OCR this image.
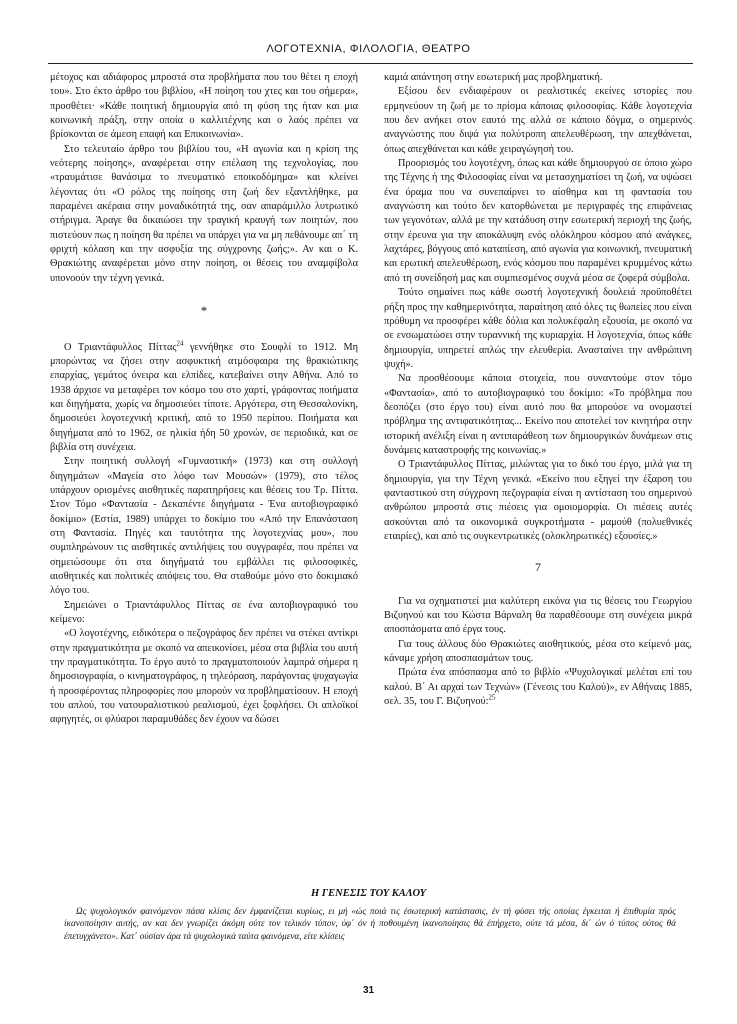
ΛΟΓΟΤΕΧΝΙΑ, ΦΙΛΟΛΟΓΙΑ, ΘΕΑΤΡΟ

μέτοχος και αδιάφορος μπροστά στα προβλήματα που του θέτει η εποχή του». Στο έκτο άρθρο του βιβλίου, «Η ποίηση του χτες και του σήμερα», προσθέτει· «Κάθε ποιητική δημιουργία από τη φύση της ήταν και μια κοινωνική πράξη, στην οποία ο καλλιτέχνης και ο λαός πρέπει να βρίσκονται σε άμεση επαφή και Επικοινωνία».

Στο τελευταίο άρθρο του βιβλίου του, «Η αγωνία και η κρίση της νεότερης ποίησης», αναφέρεται στην επέλαση της τεχνολογίας, που «τραυμάτισε θανάσιμα το πνευματικό εποικοδόμημα» και κλείνει λέγοντας ότι «Ο ρόλος της ποίησης στη ζωή δεν εξαντλήθηκε, μα παραμένει ακέραια στην μοναδικότητά της, σαν απαράμιλλο λυτρωτικό στήριγμα. Άραγε θα δικαιώσει την τραγική κραυγή των ποιητών, που πιστεύουν πως η ποίηση θα πρέπει να υπάρχει για να μη πεθάνουμε απ΄ τη φριχτή κόλαση και την ασφυξία της σύγχρονης ζωής;». Αν και ο Κ. Θρακιώτης αναφέρεται μόνο στην ποίηση, οι θέσεις του αναμφίβολα υπονοούν την τέχνη γενικά.

*

Ο Τριαντάφυλλος Πίττας$^{24}$ γεννήθηκε στο Σουφλί το 1912. Μη μπορώντας να ζήσει στην ασφυκτική ατμόσφαιρα της θρακιώτικης επαρχίας, γεμάτος όνειρα και ελπίδες, κατεβαίνει στην Αθήνα. Από το 1938 άρχισε να μεταφέρει τον κόσμο του στο χαρτί, γράφοντας ποιήματα και διηγήματα, χωρίς να δημοσιεύει τίποτε. Αργότερα, στη Θεσσαλονίκη, δημοσιεύει λογοτεχνική κριτική, από το 1950 περίπου. Ποιήματα και διηγήματα από το 1962, σε ηλικία ήδη 50 χρονών, σε περιοδικά, και σε βιβλία στη συνέχεια.

Στην ποιητική συλλογή «Γυμναστική» (1973) και στη συλλογή διηγημάτων «Μαγεία στο λόφο των Μουσών» (1979), στο τέλος υπάρχουν ορισμένες αισθητικές παρατηρήσεις και θέσεις του Τρ. Πίττα. Στον Τόμο «Φαντασία - Δεκαπέντε διηγήματα - Ένα αυτοβιογραφικό δοκίμιο» (Εστία, 1989) υπάρχει το δοκίμιο του «Από την Επανάσταση στη Φαντασία. Πηγές και ταυτότητα της λογοτεχνίας μου», που συμπληρώνουν τις αισθητικές αντιλήψεις του συγγραφέα, που πρέπει να σημειώσουμε ότι στα διηγήματά του εμβάλλει τις φιλοσοφικές, αισθητικές και πολιτικές απόψεις του. Θα σταθούμε μόνο στο δοκιμιακό λόγο του.

Σημειώνει ο Τριαντάφυλλος Πίττας σε ένα αυτοβιογραφικό του κείμενο:

«Ο λογοτέχνης, ειδικότερα ο πεζογράφος δεν πρέπει να στέκει αντίκρι στην πραγματικότητα με σκοπό να απεικονίσει, μέσα στα βιβλία του αυτή την πραγματικότητα. Το έργο αυτό το πραγματοποιούν λαμπρά σήμερα η δημοσιογραφία, ο κινηματογράφος, η τηλεόραση, παράγοντας ψυχαγωγία ή προσφέροντας πληροφορίες που μπορούν να προβληματίσουν. Η εποχή του απλού, του νατουραλιστικού ρεαλισμού, έχει ξοφλήσει. Οι απλοϊκοί αφηγητές, οι φλύαροι παραμυθάδες δεν έχουν να δώσει

καμιά απάντηση στην εσωτερική μας προβληματική.

Εξίσου δεν ενδιαφέρουν οι ρεαλιστικές εκείνες ιστορίες που ερμηνεύουν τη ζωή με το πρίσμα κάποιας φιλοσοφίας. Κάθε λογοτεχνία που δεν ανήκει στον εαυτό της αλλά σε κάποιο δόγμα, ο σημερινός αναγνώστης που διψά για πολύτροπη απελευθέρωση, την απεχθάνεται, όπως απεχθάνεται και κάθε χειραγώγησή του.

Προορισμός του λογοτέχνη, όπως και κάθε δημιουργού σε όποιο χώρο της Τέχνης ή της Φιλοσοφίας είναι να μετασχηματίσει τη ζωή, να υψώσει ένα όραμα που να συνεπαίρνει το αίσθημα και τη φαντασία του αναγνώστη και τούτο δεν κατορθώνεται με περιγραφές της επιφάνειας των γεγονότων, αλλά με την κατάδυση στην εσωτερική περιοχή της ζωής, στην έρευνα για την αποκάλυψη ενός ολόκληρου κόσμου από ανάγκες, λαχτάρες, βόγγους από καταπίεση, από αγωνία για κοινωνική, πνευματική και ερωτική απελευθέρωση, ενός κόσμου που παραμένει κρυμμένος κάτω από τη συνείδησή μας και συμπιεσμένος συχνά μέσα σε ζοφερά σύμβολα.

Τούτο σημαίνει πως κάθε σωστή λογοτεχνική δουλειά προϋποθέτει ρήξη προς την καθημερινότητα, παραίτηση από όλες τις θωπείες που είναι πρόθυμη να προσφέρει κάθε δόλια και πολυκέφαλη εξουσία, με σκοπό να σε ενσωματώσει στην τυραννική της κυριαρχία. Η λογοτεχνία, όπως κάθε δημιουργία, υπηρετεί απλώς την ελευθερία. Ανασταίνει την ανθρώπινη ψυχή».

Να προσθέσουμε κάποια στοιχεία, που συναντούμε στον τόμο «Φαντασία», από το αυτοβιογραφικό του δοκίμιο: «Το πρόβλημα που δεσπόζει (στο έργο του) είναι αυτό που θα μπορούσε να ονομαστεί πρόβλημα της αντιφατικότητας... Εκείνο που αποτελεί τον κινητήρα στην ιστορική ανέλιξη είναι η αντιπαράθεση των δημιουργικών δυνάμεων στις δυνάμεις καταστροφής της κοινωνίας.»

Ο Τριαντάφυλλος Πίττας, μιλώντας για το δικό του έργο, μιλά για τη δημιουργία, για την Τέχνη γενικά. «Εκείνο που εξηγεί την έξαρση του φανταστικού στη σύγχρονη πεζογραφία είναι η αντίσταση του σημερινού ανθρώπου μπροστά στις πιέσεις για ομοιομορφία. Οι πιέσεις αυτές ασκούνται από τα οικονομικά συγκροτήματα - μαμούθ (πολυεθνικές εταιρίες), και από τις συγκεντρωτικές (ολοκληρωτικές) εξουσίες.»

7

Για να σχηματιστεί μια καλύτερη εικόνα για τις θέσεις του Γεωργίου Βιζυηνού και του Κώστα Βάρναλη θα παραθέσουμε στη συνέχεια μικρά αποσπάσματα από έργα τους.

Για τους άλλους δύο Θρακιώτες αισθητικούς, μέσα στο κείμενό μας, κάναμε χρήση αποσπασμάτων τους.

Πρώτα ένα απόσπασμα από το βιβλίο «Ψυχολογικαί μελέται επί του καλού. Β΄ Αι αρχαί των Τεχνών» (Γένεσις του Καλού)», εν Αθήναις 1885, σελ. 35, του Γ. Βιζυηνού:$^{25}$

Η ΓΕΝΕΣΙΣ ΤΟΥ ΚΑΛΟΥ

Ως ψυχολογικόν φαινόμενον πάσα κλίσις δεν έμφανίζεται κυρίως, ει μή «ώς ποιά τις έσωτερική κατάστασις, έν τή φύσει τής οποίας έγκειται ή έπιθυμία πρός ίκανοποίησιν αυτής, αν και δεν γνωρίζει άκόμη ούτε τον τελικόν τύπον, ύφ΄ όν ή ποθουμένη ίκανοποίησις θά έπήρχετο, ούτε τά μέσα, δι΄ ών ό τύπος ούτος θά έπετυγχάνετο». Κατ΄ ούσίαν άρα τά ψυχολογικά ταύτα φαινόμενα, είτε κλίσεις

31
